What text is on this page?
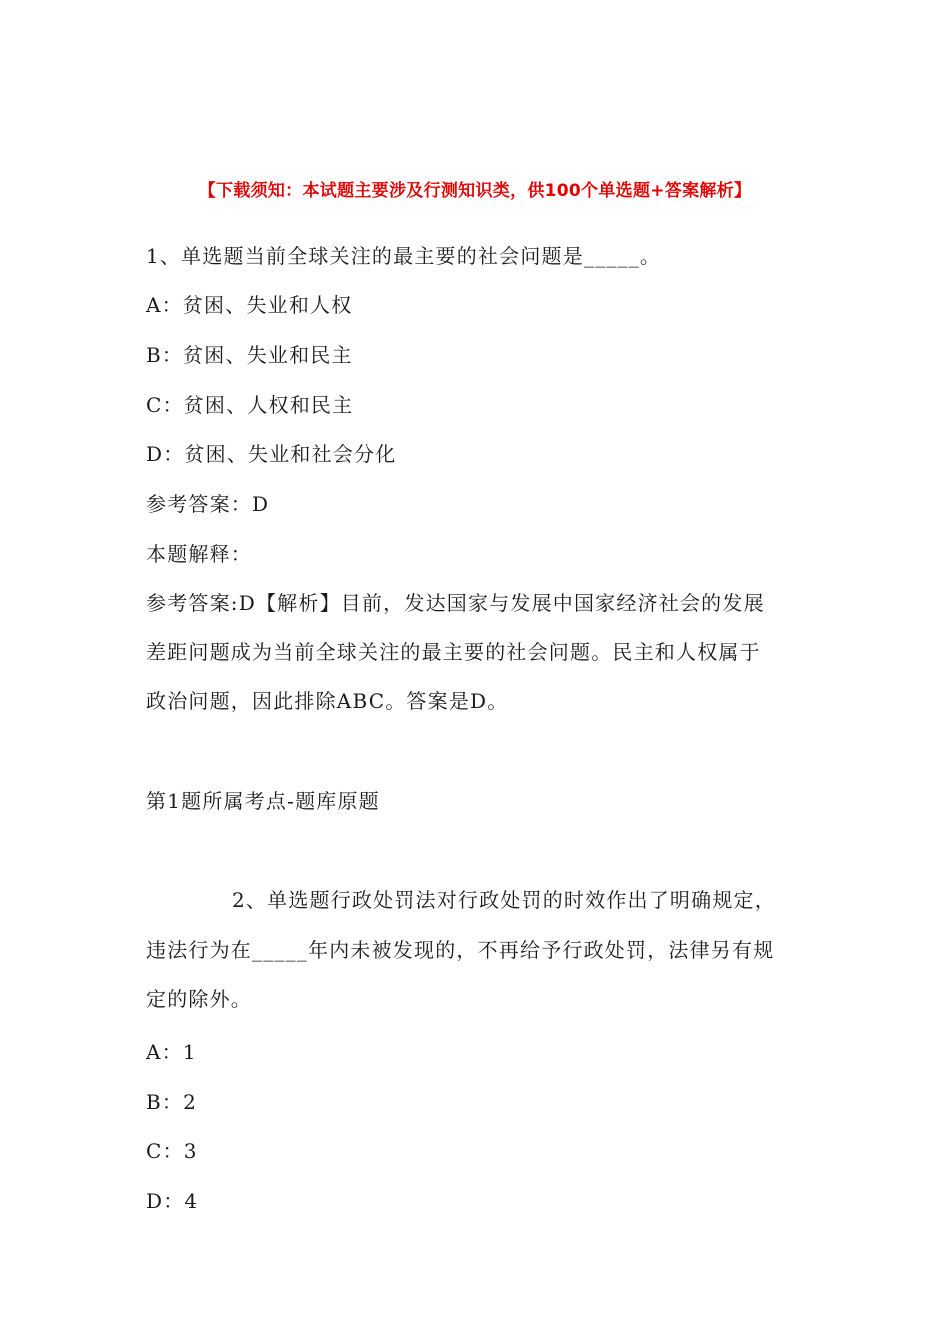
【下载须知：本试题主要涉及行测知识类，供100个单选题+答案解析】
1、单选题当前全球关注的最主要的社会问题是_____。
A：贫困、失业和人权
B：贫困、失业和民主
C：贫困、人权和民主
D：贫困、失业和社会分化
参考答案：D
本题解释：
参考答案:D【解析】目前，发达国家与发展中国家经济社会的发展
差距问题成为当前全球关注的最主要的社会问题。民主和人权属于
政治问题，因此排除ABC。答案是D。
第1题所属考点-题库原题
2、单选题行政处罚法对行政处罚的时效作出了明确规定，
违法行为在_____年内未被发现的，不再给予行政处罚，法律另有规
定的除外。
A：1
B：2
C：3
D：4
